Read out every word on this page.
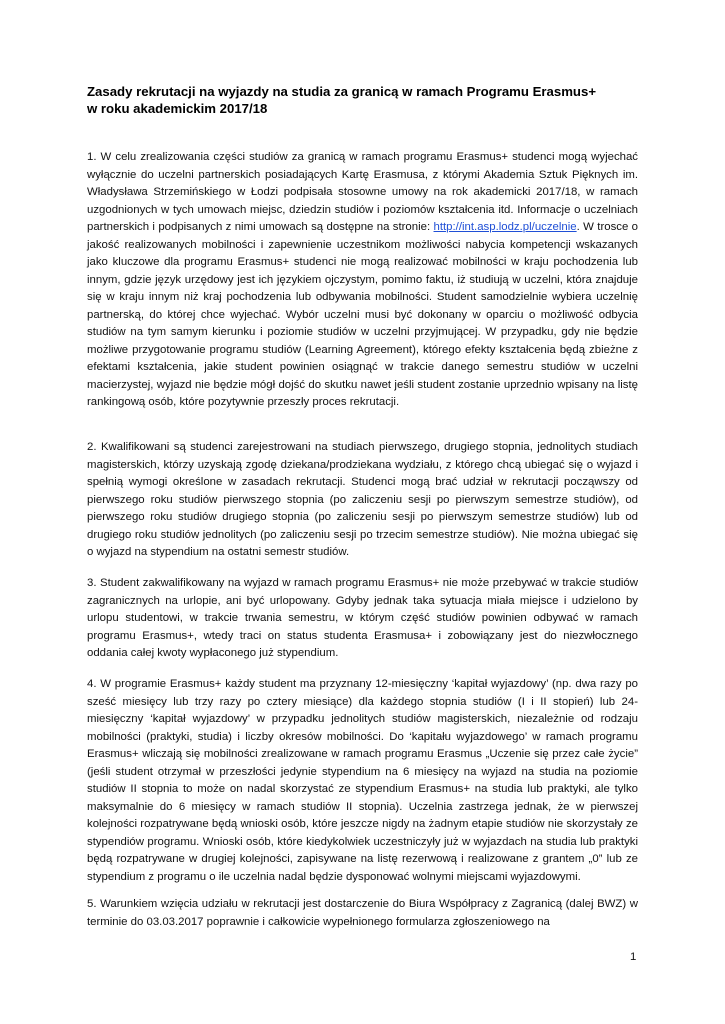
Zasady rekrutacji na wyjazdy na studia za granicą w ramach Programu Erasmus+
w roku akademickim 2017/18

1. W celu zrealizowania części studiów za granicą w ramach programu Erasmus+ studenci mogą wyjechać wyłącznie do uczelni partnerskich posiadających Kartę Erasmusa, z którymi Akademia Sztuk Pięknych im. Władysława Strzemińskiego w Łodzi podpisała stosowne umowy na rok akademicki 2017/18, w ramach uzgodnionych w tych umowach miejsc, dziedzin studiów i poziomów kształcenia itd. Informacje o uczelniach partnerskich i podpisanych z nimi umowach są dostępne na stronie: http://int.asp.lodz.pl/uczelnie. W trosce o jakość realizowanych mobilności i zapewnienie uczestnikom możliwości nabycia kompetencji wskazanych jako kluczowe dla programu Erasmus+ studenci nie mogą realizować mobilności w kraju pochodzenia lub innym, gdzie język urzędowy jest ich językiem ojczystym, pomimo faktu, iż studiują w uczelni, która znajduje się w kraju innym niż kraj pochodzenia lub odbywania mobilności. Student samodzielnie wybiera uczelnię partnerską, do której chce wyjechać. Wybór uczelni musi być dokonany w oparciu o możliwość odbycia studiów na tym samym kierunku i poziomie studiów w uczelni przyjmującej. W przypadku, gdy nie będzie możliwe przygotowanie programu studiów (Learning Agreement), którego efekty kształcenia będą zbieżne z efektami kształcenia, jakie student powinien osiągnąć w trakcie danego semestru studiów w uczelni macierzystej, wyjazd nie będzie mógł dojść do skutku nawet jeśli student zostanie uprzednio wpisany na listę rankingową osób, które pozytywnie przeszły proces rekrutacji.

2. Kwalifikowani są studenci zarejestrowani na studiach pierwszego, drugiego stopnia, jednolitych studiach magisterskich, którzy uzyskają zgodę dziekana/prodziekana wydziału, z którego chcą ubiegać się o wyjazd i spełnią wymogi określone w zasadach rekrutacji. Studenci mogą brać udział w rekrutacji począwszy od pierwszego roku studiów pierwszego stopnia (po zaliczeniu sesji po pierwszym semestrze studiów), od pierwszego roku studiów drugiego stopnia (po zaliczeniu sesji po pierwszym semestrze studiów) lub od drugiego roku studiów jednolitych (po zaliczeniu sesji po trzecim semestrze studiów). Nie można ubiegać się o wyjazd na stypendium na ostatni semestr studiów.

3. Student zakwalifikowany na wyjazd w ramach programu Erasmus+ nie może przebywać w trakcie studiów zagranicznych na urlopie, ani być urlopowany. Gdyby jednak taka sytuacja miała miejsce i udzielono by urlopu studentowi, w trakcie trwania semestru, w którym część studiów powinien odbywać w ramach programu Erasmus+, wtedy traci on status studenta Erasmusa+ i zobowiązany jest do niezwłocznego oddania całej kwoty wypłaconego już stypendium.

4. W programie Erasmus+ każdy student ma przyznany 12-miesięczny ‘kapitał wyjazdowy’ (np. dwa razy po sześć miesięcy lub trzy razy po cztery miesiące) dla każdego stopnia studiów (I i II stopień) lub 24-miesięczny ‘kapitał wyjazdowy’ w przypadku jednolitych studiów magisterskich, niezależnie od rodzaju mobilności (praktyki, studia) i liczby okresów mobilności. Do ‘kapitału wyjazdowego’ w ramach programu Erasmus+ wliczają się mobilności zrealizowane w ramach programu Erasmus „Uczenie się przez całe życie” (jeśli student otrzymał w przeszłości jedynie stypendium na 6 miesięcy na wyjazd na studia na poziomie studiów II stopnia to może on nadal skorzystać ze stypendium Erasmus+ na studia lub praktyki, ale tylko maksymalnie do 6 miesięcy w ramach studiów II stopnia). Uczelnia zastrzega jednak, że w pierwszej kolejności rozpatrywane będą wnioski osób, które jeszcze nigdy na żadnym etapie studiów nie skorzystały ze stypendiów programu. Wnioski osób, które kiedykolwiek uczestniczyły już w wyjazdach na studia lub praktyki będą rozpatrywane w drugiej kolejności, zapisywane na listę rezerwową i realizowane z grantem „0” lub ze stypendium z programu o ile uczelnia nadal będzie dysponować wolnymi miejscami wyjazdowymi.

5. Warunkiem wzięcia udziału w rekrutacji jest dostarczenie do Biura Współpracy z Zagranicą (dalej BWZ) w terminie do 03.03.2017 poprawnie i całkowicie wypełnionego formularza zgłoszeniowego na

1
